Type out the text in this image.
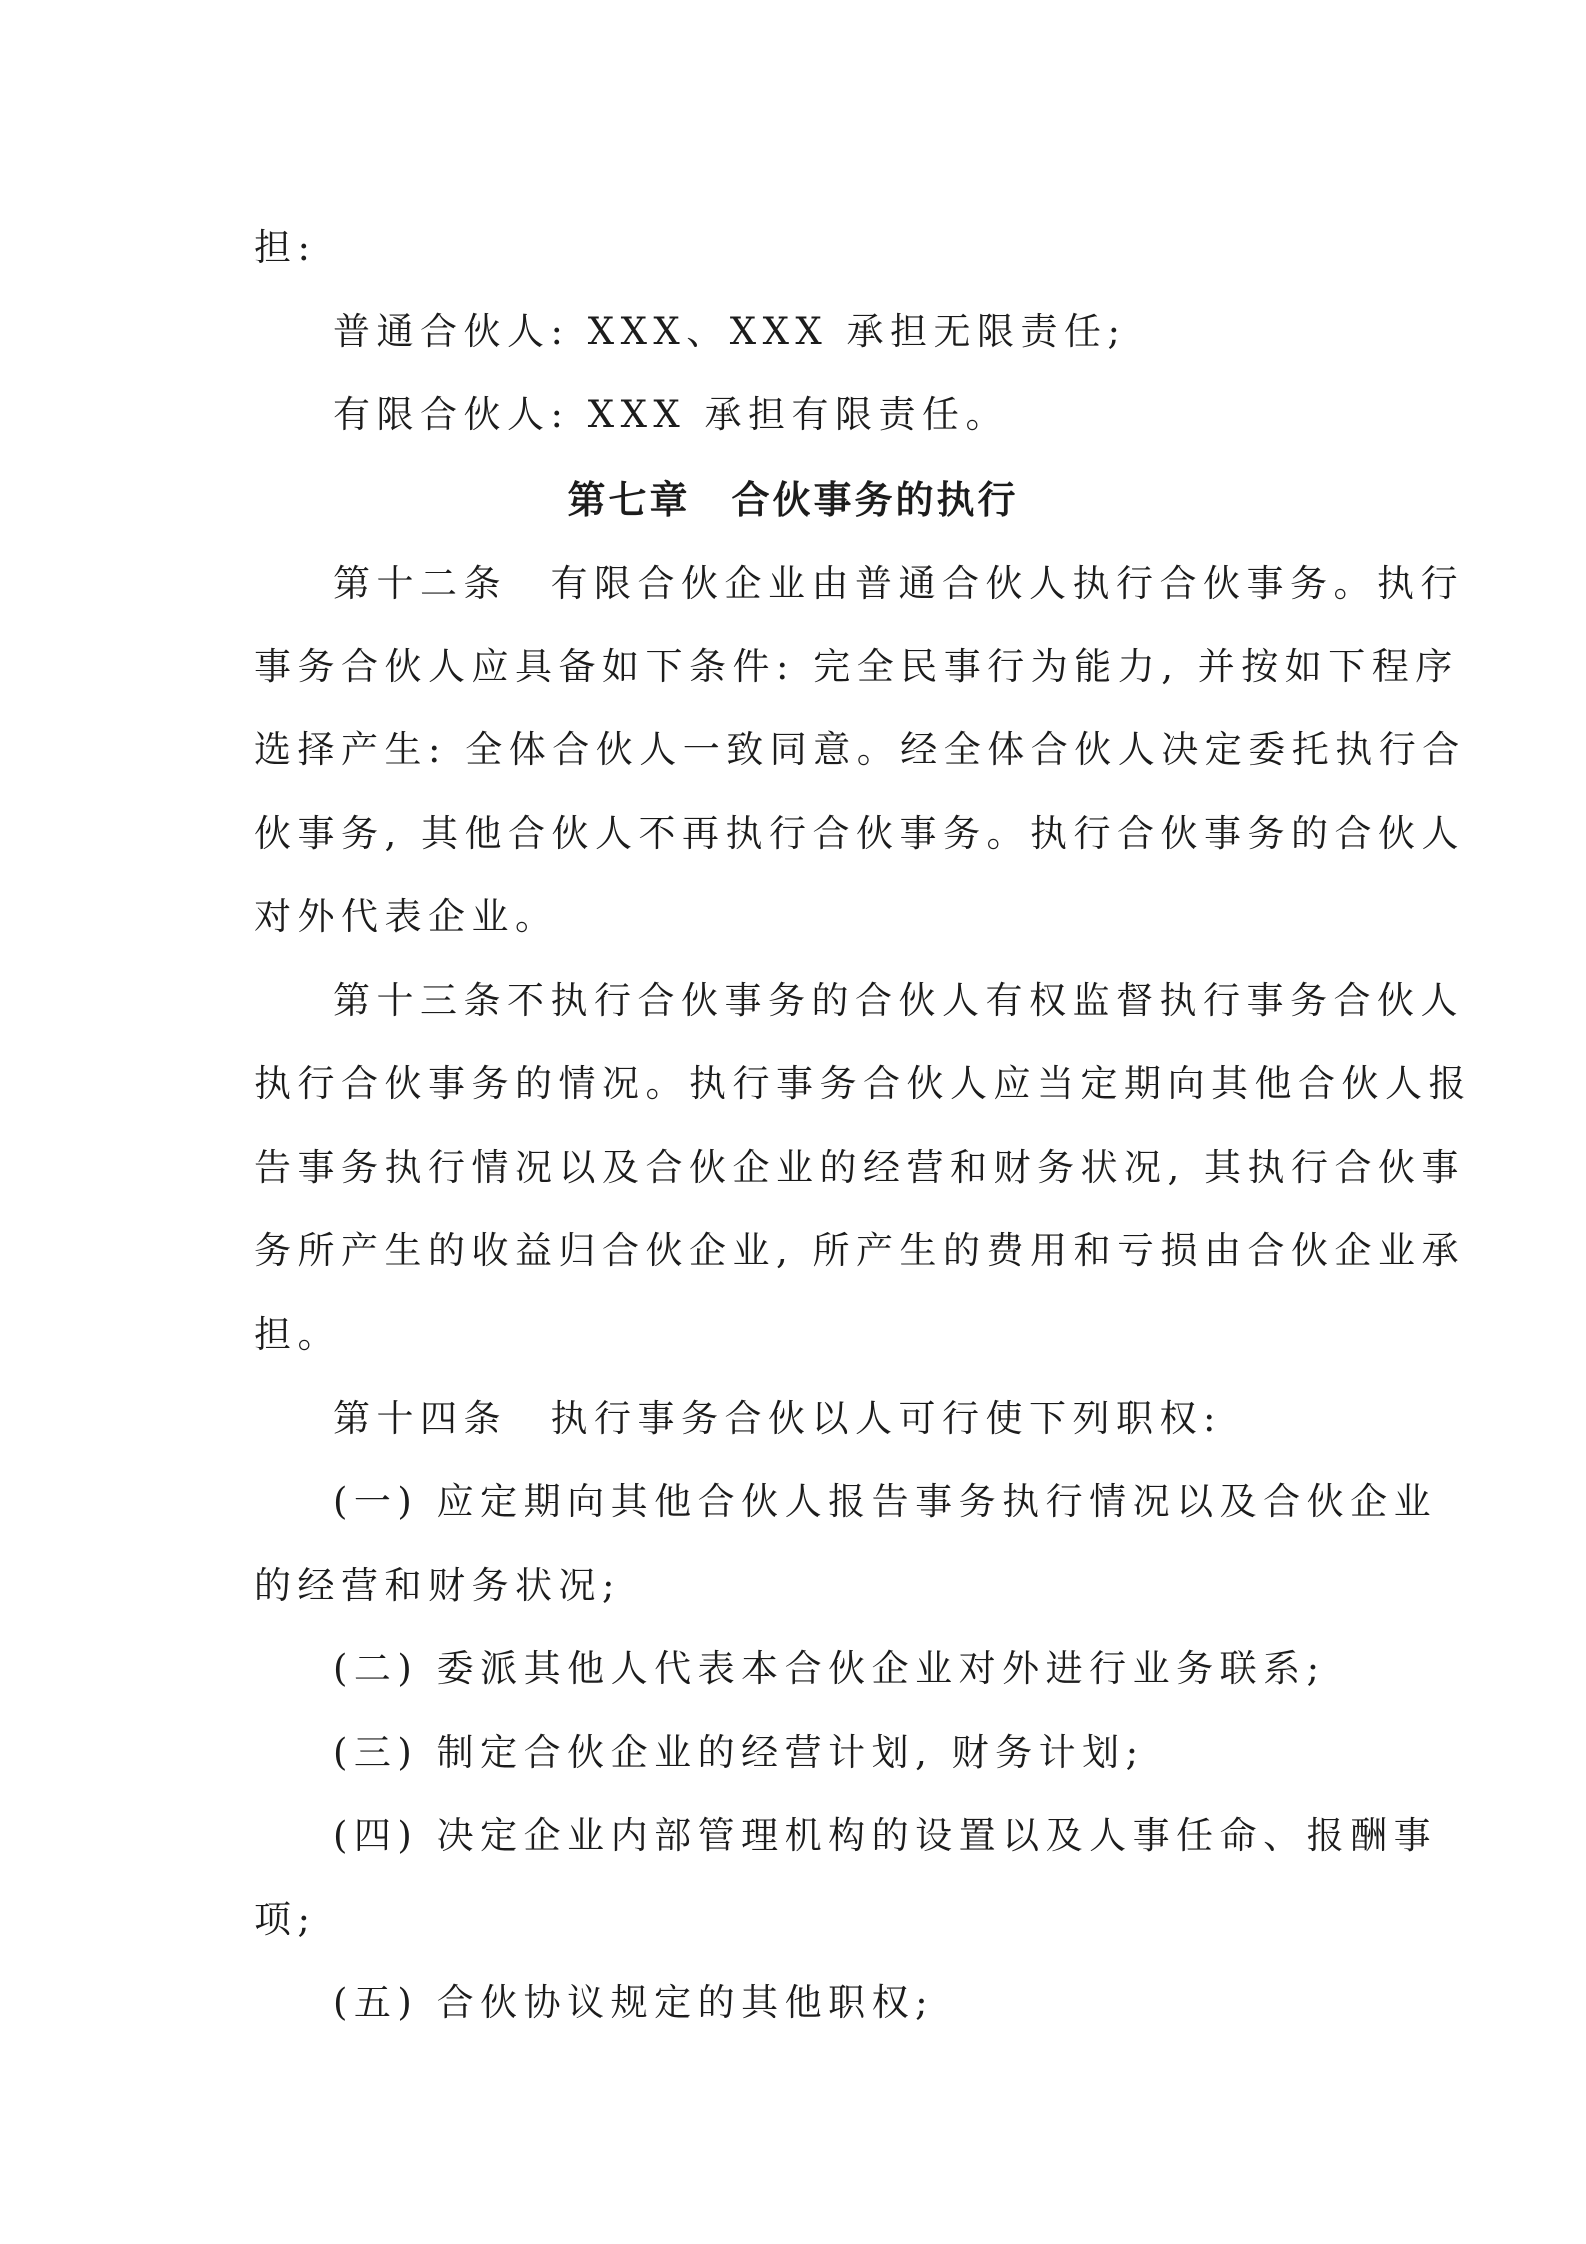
担:

普通合伙人: XXX、XXX 承担无限责任;

有限合伙人: XXX 承担有限责任。

第七章　合伙事务的执行

第十二条　有限合伙企业由普通合伙人执行合伙事务。执行

事务合伙人应具备如下条件: 完全民事行为能力, 并按如下程序

选择产生: 全体合伙人一致同意。经全体合伙人决定委托执行合

伙事务, 其他合伙人不再执行合伙事务。执行合伙事务的合伙人

对外代表企业。

第十三条不执行合伙事务的合伙人有权监督执行事务合伙人

执行合伙事务的情况。执行事务合伙人应当定期向其他合伙人报

告事务执行情况以及合伙企业的经营和财务状况, 其执行合伙事

务所产生的收益归合伙企业, 所产生的费用和亏损由合伙企业承

担。

第十四条　执行事务合伙以人可行使下列职权:

(一) 应定期向其他合伙人报告事务执行情况以及合伙企业

的经营和财务状况;

(二) 委派其他人代表本合伙企业对外进行业务联系;

(三) 制定合伙企业的经营计划, 财务计划;

(四) 决定企业内部管理机构的设置以及人事任命、报酬事

项;

(五) 合伙协议规定的其他职权;
